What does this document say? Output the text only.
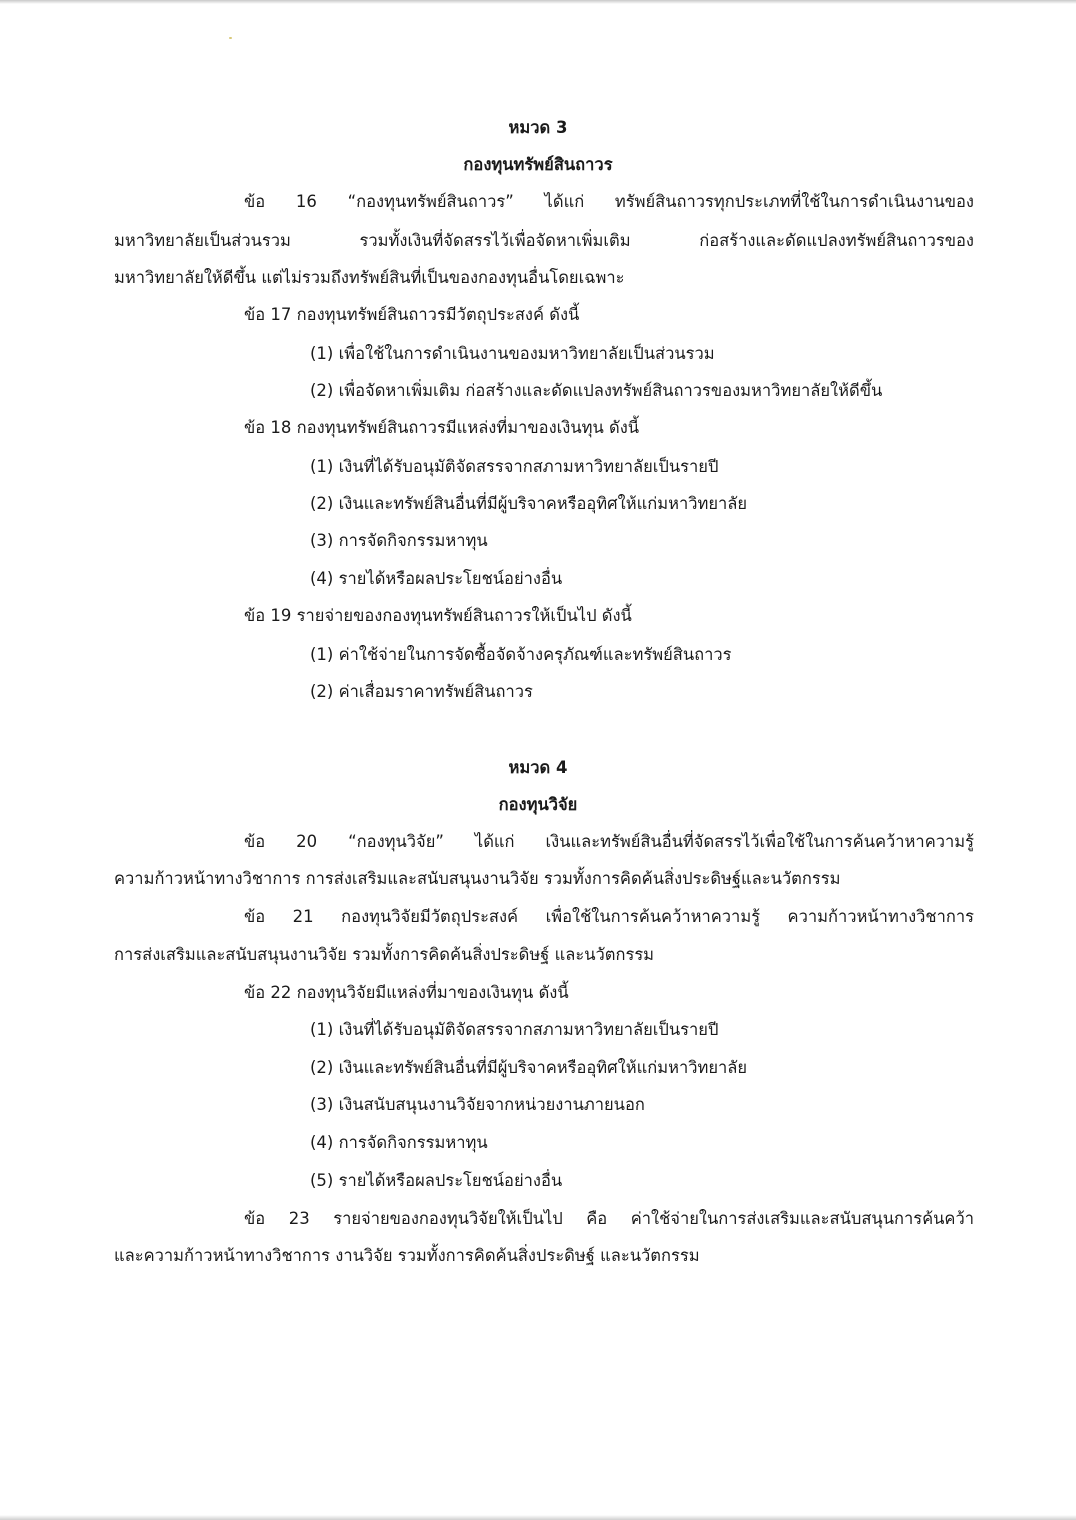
หมวด 3
กองทุนทรัพย์สินถาวร
ข้อ 16 “กองทุนทรัพย์สินถาวร” ได้แก่ ทรัพย์สินถาวรทุกประเภทที่ใช้ในการดำเนินงานของ
มหาวิทยาลัยเป็นส่วนรวม รวมทั้งเงินที่จัดสรรไว้เพื่อจัดหาเพิ่มเติม ก่อสร้างและดัดแปลงทรัพย์สินถาวรของ
มหาวิทยาลัยให้ดีขึ้น แต่ไม่รวมถึงทรัพย์สินที่เป็นของกองทุนอื่นโดยเฉพาะ
ข้อ 17 กองทุนทรัพย์สินถาวรมีวัตถุประสงค์ ดังนี้
(1) เพื่อใช้ในการดำเนินงานของมหาวิทยาลัยเป็นส่วนรวม
(2) เพื่อจัดหาเพิ่มเติม ก่อสร้างและดัดแปลงทรัพย์สินถาวรของมหาวิทยาลัยให้ดีขึ้น
ข้อ 18 กองทุนทรัพย์สินถาวรมีแหล่งที่มาของเงินทุน ดังนี้
(1) เงินที่ได้รับอนุมัติจัดสรรจากสภามหาวิทยาลัยเป็นรายปี
(2) เงินและทรัพย์สินอื่นที่มีผู้บริจาคหรืออุทิศให้แก่มหาวิทยาลัย
(3) การจัดกิจกรรมหาทุน
(4) รายได้หรือผลประโยชน์อย่างอื่น
ข้อ 19 รายจ่ายของกองทุนทรัพย์สินถาวรให้เป็นไป ดังนี้
(1) ค่าใช้จ่ายในการจัดซื้อจัดจ้างครุภัณฑ์และทรัพย์สินถาวร
(2) ค่าเสื่อมราคาทรัพย์สินถาวร
หมวด 4
กองทุนวิจัย
ข้อ 20 “กองทุนวิจัย” ได้แก่ เงินและทรัพย์สินอื่นที่จัดสรรไว้เพื่อใช้ในการค้นคว้าหาความรู้
ความก้าวหน้าทางวิชาการ การส่งเสริมและสนับสนุนงานวิจัย รวมทั้งการคิดค้นสิ่งประดิษฐ์และนวัตกรรม
ข้อ 21 กองทุนวิจัยมีวัตถุประสงค์ เพื่อใช้ในการค้นคว้าหาความรู้ ความก้าวหน้าทางวิชาการ
การส่งเสริมและสนับสนุนงานวิจัย รวมทั้งการคิดค้นสิ่งประดิษฐ์ และนวัตกรรม
ข้อ 22 กองทุนวิจัยมีแหล่งที่มาของเงินทุน ดังนี้
(1) เงินที่ได้รับอนุมัติจัดสรรจากสภามหาวิทยาลัยเป็นรายปี
(2) เงินและทรัพย์สินอื่นที่มีผู้บริจาคหรืออุทิศให้แก่มหาวิทยาลัย
(3) เงินสนับสนุนงานวิจัยจากหน่วยงานภายนอก
(4) การจัดกิจกรรมหาทุน
(5) รายได้หรือผลประโยชน์อย่างอื่น
ข้อ 23 รายจ่ายของกองทุนวิจัยให้เป็นไป คือ ค่าใช้จ่ายในการส่งเสริมและสนับสนุนการค้นคว้า
และความก้าวหน้าทางวิชาการ งานวิจัย รวมทั้งการคิดค้นสิ่งประดิษฐ์ และนวัตกรรม
